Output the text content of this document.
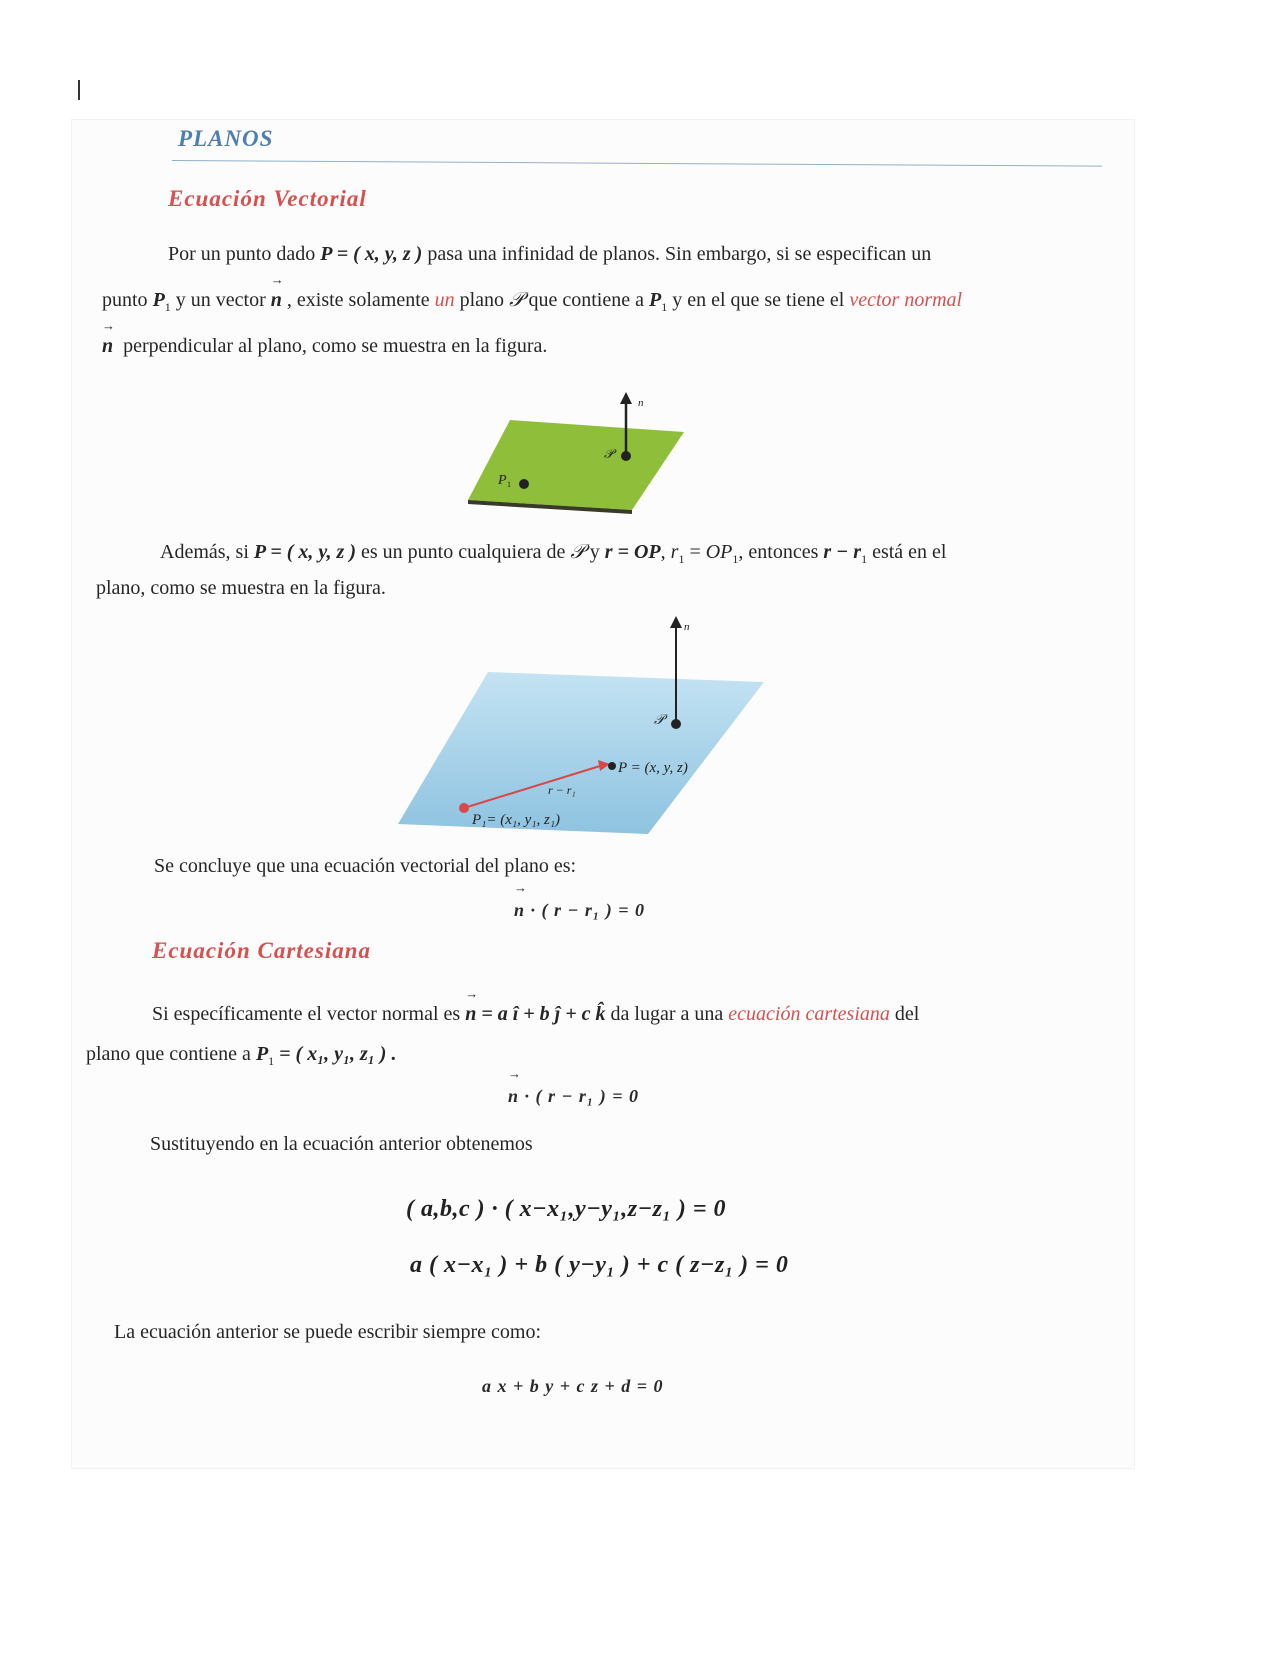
PLANOS
Ecuación Vectorial
Por un punto dado P = ( x, y, z ) pasa una infinidad de planos. Sin embargo, si se especifican un
punto $P_1$ y un vector → n , existe solamente un plano 𝒫 que contiene a $P_1$ y en el que se tiene el vector normal
→ n perpendicular al plano, como se muestra en la figura.
n
𝒫
P 1
Además, si P = ( x, y, z ) es un punto cualquiera de 𝒫 y r = OP, $r_1 = OP_1$, entonces $r - r_1$ está en el
plano, como se muestra en la figura.
n
𝒫
P = (x, y, z)
r − r₁
P₁= (x₁, y₁, z₁)
Se concluye que una ecuación vectorial del plano es:
→ n · ( r − r₁ ) = 0
Ecuación Cartesiana
Si específicamente el vector normal es → n = a î + b ĵ + c k̂ da lugar a una ecuación cartesiana del
plano que contiene a $P_1$ = ( x₁, y₁, z₁ ) .
→ n · ( r − r₁ ) = 0
Sustituyendo en la ecuación anterior obtenemos
( a,b,c ) · ( x−x₁,y−y₁,z−z₁ ) = 0
a ( x−x₁ ) + b ( y−y₁ ) + c ( z−z₁ ) = 0
La ecuación anterior se puede escribir siempre como:
a x + b y + c z + d = 0
